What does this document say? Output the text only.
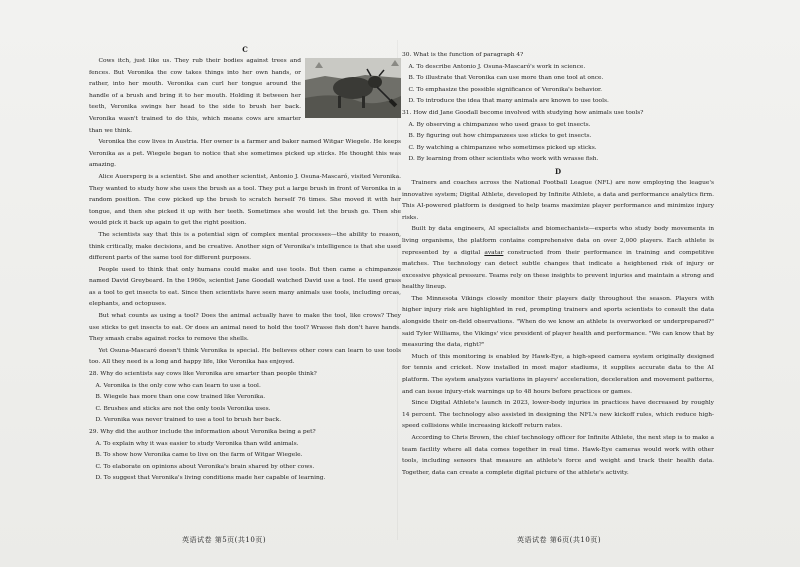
C

Cows itch, just like us. They rub their bodies against trees and fences. But Veronika the cow takes things into her own hands, or rather, into her mouth. Veronika can curl her tongue around the handle of a brush and bring it to her mouth. Holding it between her teeth, Veronika swings her head to the side to brush her back. Veronika wasn't trained to do this, which means cows are smarter than we think.

Veronika the cow lives in Austria. Her owner is a farmer and baker named Witgar Wiegele. He keeps Veronika as a pet. Wiegele began to notice that she sometimes picked up sticks. He thought this was amazing.

Alice Auersperg is a scientist. She and another scientist, Antonio J. Osuna-Mascaró, visited Veronika. They wanted to study how she uses the brush as a tool. They put a large brush in front of Veronika in a random position. The cow picked up the brush to scratch herself 76 times. She moved it with her tongue, and then she picked it up with her teeth. Sometimes she would let the brush go. Then she would pick it back up again to get the right position.

The scientists say that this is a potential sign of complex mental processes—the ability to reason, think critically, make decisions, and be creative. Another sign of Veronika's intelligence is that she used different parts of the same tool for different purposes.

People used to think that only humans could make and use tools. But then came a chimpanzee named David Greybeard. In the 1960s, scientist Jane Goodall watched David use a tool. He used grass as a tool to get insects to eat. Since then scientists have seen many animals use tools, including orcas, elephants, and octopuses.

But what counts as using a tool? Does the animal actually have to make the tool, like crows? They use sticks to get insects to eat. Or does an animal need to hold the tool? Wrasse fish don't have hands. They smash crabs against rocks to remove the shells.

Yet Osuna-Mascaró doesn't think Veronika is special. He believes other cows can learn to use tools too. All they need is a long and happy life, like Veronika has enjoyed.

28. Why do scientists say cows like Veronika are smarter than people think?

A. Veronika is the only cow who can learn to use a tool.

B. Wiegele has more than one cow trained like Veronika.

C. Brushes and sticks are not the only tools Veronika uses.

D. Veronika was never trained to use a tool to brush her back.

29. Why did the author include the information about Veronika being a pet?

A. To explain why it was easier to study Veronika than wild animals.

B. To show how Veronika came to live on the farm of Witgar Wiegele.

C. To elaborate on opinions about Veronika's brain shared by other cows.

D. To suggest that Veronika's living conditions made her capable of learning.

英语试卷 第5页(共10页)

30. What is the function of paragraph 4?

A. To describe Antonio J. Osuna-Mascaró's work in science.

B. To illustrate that Veronika can use more than one tool at once.

C. To emphasize the possible significance of Veronika's behavior.

D. To introduce the idea that many animals are known to use tools.

31. How did Jane Goodall become involved with studying how animals use tools?

A. By observing a chimpanzee who used grass to get insects.

B. By figuring out how chimpanzees use sticks to get insects.

C. By watching a chimpanzee who sometimes picked up sticks.

D. By learning from other scientists who work with wrasse fish.

D

Trainers and coaches across the National Football League (NFL) are now employing the league's innovative system; Digital Athlete, developed by Infinite Athlete, a data and performance analytics firm. This AI-powered platform is designed to help teams maximize player performance and minimize injury risks.

Built by data engineers, AI specialists and biomechanists—experts who study body movements in living organisms, the platform contains comprehensive data on over 2,000 players. Each athlete is represented by a digital avatar constructed from their performance in training and competitive matches. The technology can detect subtle changes that indicate a heightened risk of injury or excessive physical pressure. Teams rely on these insights to prevent injuries and maintain a strong and healthy lineup.

The Minnesota Vikings closely monitor their players daily throughout the season. Players with higher injury risk are highlighted in red, prompting trainers and sports scientists to consult the data alongside their on-field observations. "When do we know an athlete is overworked or underprepared?" said Tyler Williams, the Vikings' vice president of player health and performance. "We can know that by measuring the data, right?"

Much of this monitoring is enabled by Hawk-Eye, a high-speed camera system originally designed for tennis and cricket. Now installed in most major stadiums, it supplies accurate data to the AI platform. The system analyzes variations in players' acceleration, deceleration and movement patterns, and can issue injury-risk warnings up to 48 hours before practices or games.

Since Digital Athlete's launch in 2023, lower-body injuries in practices have decreased by roughly 14 percent. The technology also assisted in designing the NFL's new kickoff rules, which reduce high-speed collisions while increasing kickoff return rates.

According to Chris Brown, the chief technology officer for Infinite Athlete, the next step is to make a team facility where all data comes together in real time. Hawk-Eye cameras would work with other tools, including sensors that measure an athlete's force and weight and track their health data. Together, data can create a complete digital picture of the athlete's activity.

英语试卷 第6页(共10页)
